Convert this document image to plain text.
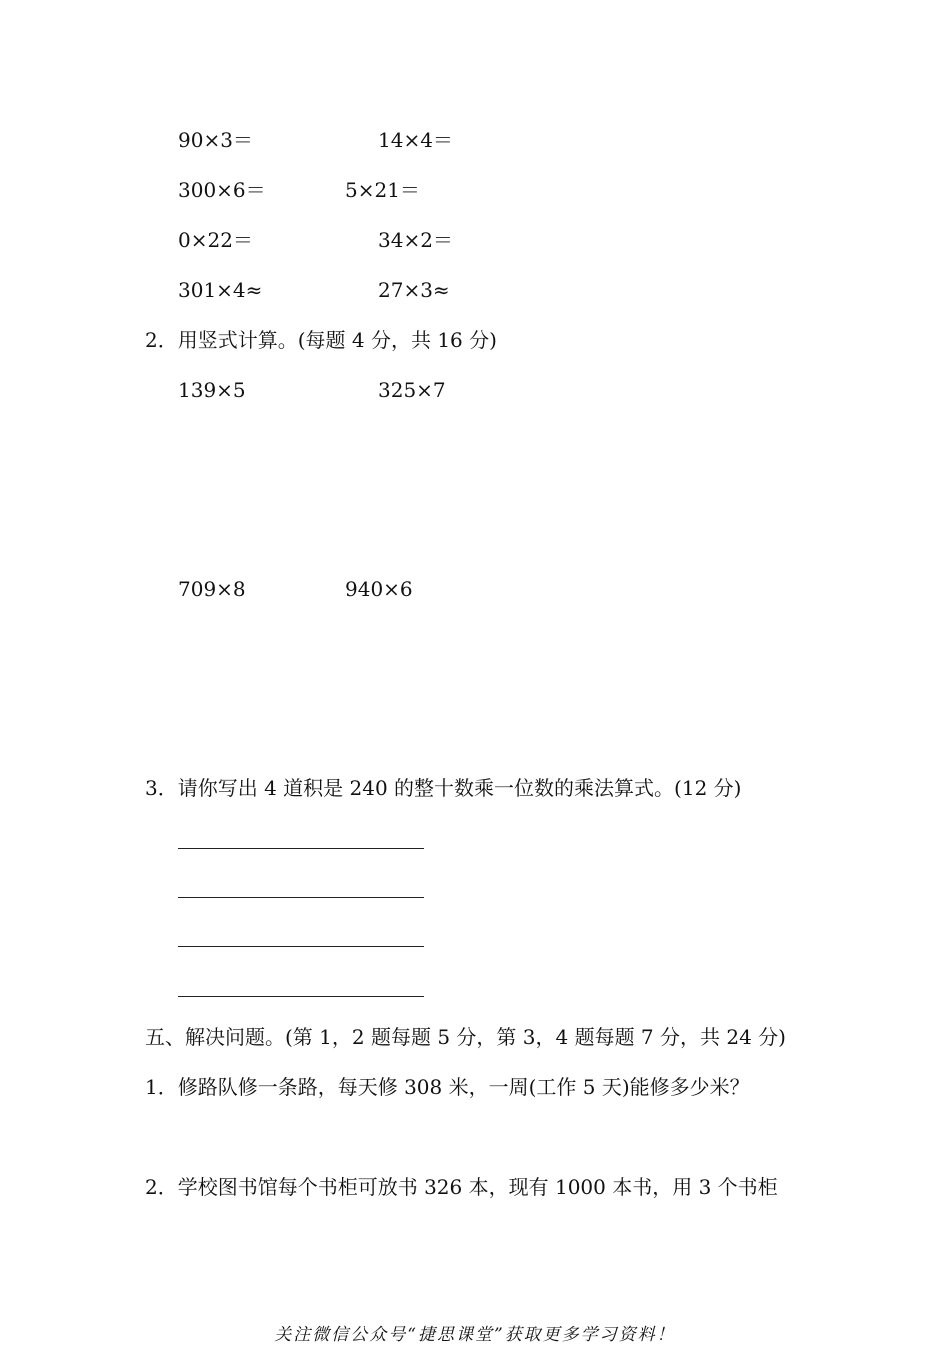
90×3＝	14×4＝
300×6＝	5×21＝
0×22＝	34×2＝
301×4≈	27×3≈
2．用竖式计算。(每题 4 分，共 16 分)
139×5	325×7
709×8	940×6
3．请你写出 4 道积是 240 的整十数乘一位数的乘法算式。(12 分)
五、解决问题。(第 1，2 题每题 5 分，第 3，4 题每题 7 分，共 24 分)
1．修路队修一条路，每天修 308 米，一周(工作 5 天)能修多少米？
2．学校图书馆每个书柜可放书 326 本，现有 1000 本书，用 3 个书柜
关注微信公众号“捷思课堂”获取更多学习资料！
